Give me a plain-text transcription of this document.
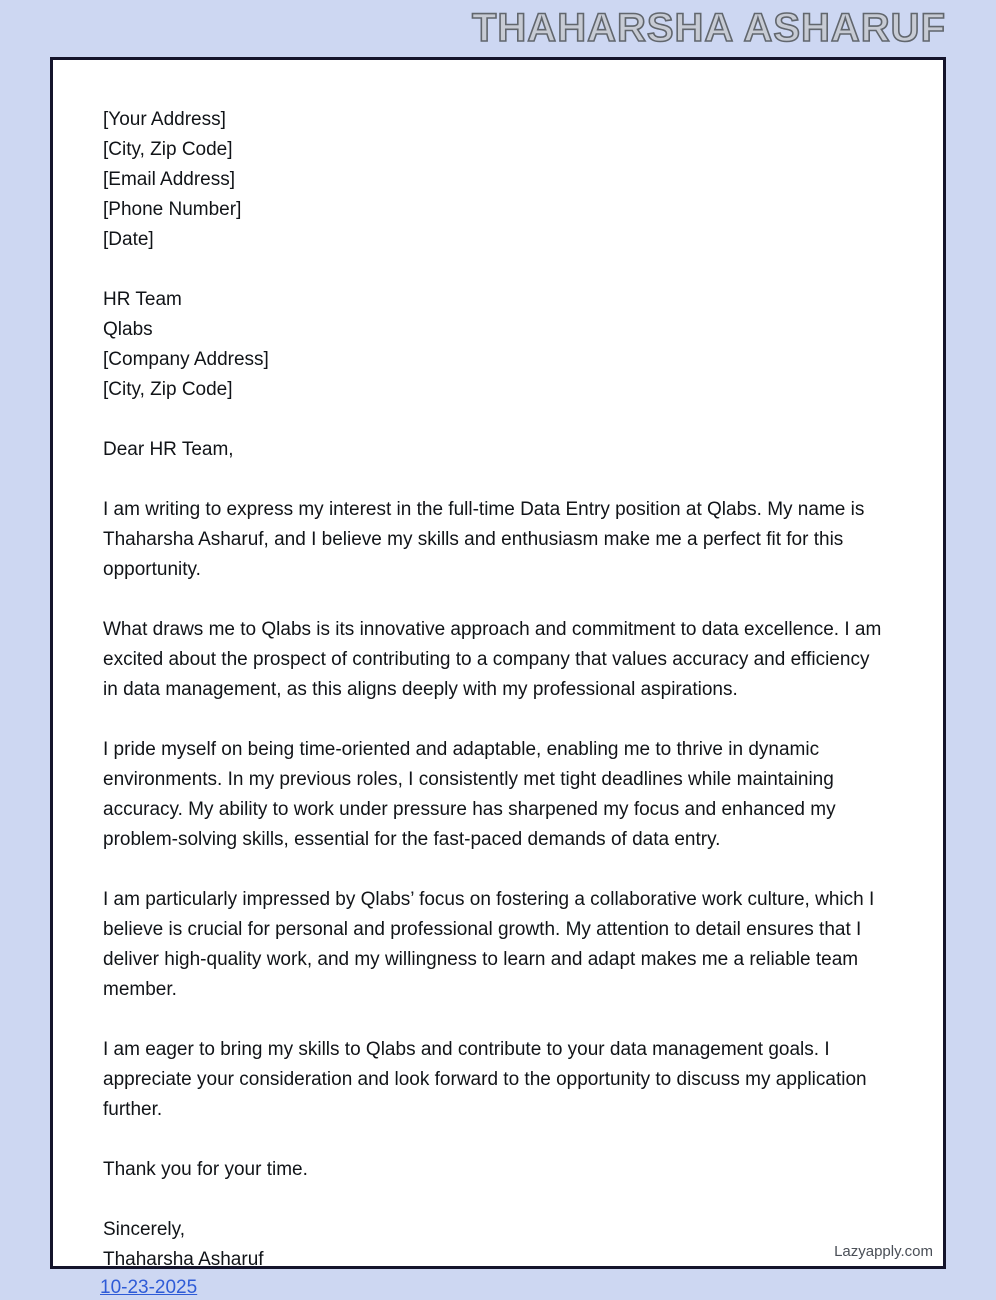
THAHARSHA ASHARUF
[Your Address]
[City, Zip Code]
[Email Address]
[Phone Number]
[Date]
HR Team
Qlabs
[Company Address]
[City, Zip Code]
Dear HR Team,

I am writing to express my interest in the full-time Data Entry position at Qlabs. My name is Thaharsha Asharuf, and I believe my skills and enthusiasm make me a perfect fit for this opportunity.

What draws me to Qlabs is its innovative approach and commitment to data excellence. I am excited about the prospect of contributing to a company that values accuracy and efficiency in data management, as this aligns deeply with my professional aspirations.

I pride myself on being time-oriented and adaptable, enabling me to thrive in dynamic environments. In my previous roles, I consistently met tight deadlines while maintaining accuracy. My ability to work under pressure has sharpened my focus and enhanced my problem-solving skills, essential for the fast-paced demands of data entry.

I am particularly impressed by Qlabs’ focus on fostering a collaborative work culture, which I believe is crucial for personal and professional growth. My attention to detail ensures that I deliver high-quality work, and my willingness to learn and adapt makes me a reliable team member.

I am eager to bring my skills to Qlabs and contribute to your data management goals. I appreciate your consideration and look forward to the opportunity to discuss my application further.

Thank you for your time.

Sincerely,
Thaharsha Asharuf	Lazyapply.com
10-23-2025
